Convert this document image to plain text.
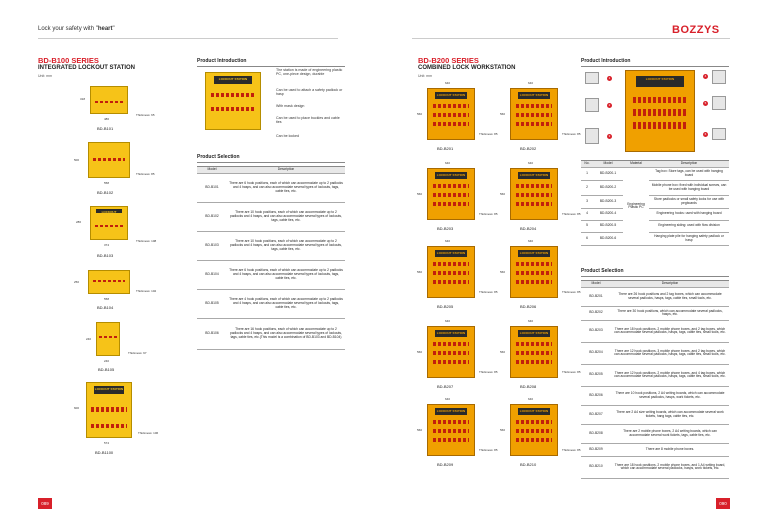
Lock your safety with "heart"	BOZZYS
089	090
BD-B100 SERIES
INTEGRATED LOCKOUT STATION
Unit: mm
318
486
Thickness: 65
BD-B101
500
558
Thickness: 85
BD-B102
LOCKOUT STATION
286
374
Thickness: 108
BD-B103
250
558
Thickness: 102
BD-B104
240
240
Thickness: 97
BD-B105
LOCKOUT STATION
600
574
Thickness: 106
BD-B1100
Product Introduction
LOCKOUT STATION
The station is made of engineering plastic PC, one-piece design, durable
Can be used to attach a safety padlock or hasp
With mask design
Can be used to place buckles and cable ties
Can be locked
Product Selection
Model	Description
BD-B101	There are 6 hook positions, each of which can accommodate up to 2 padlocks and 4 hasps, and can also accommodate several types of lockouts, tags, cable ties, etc.
BD-B102	There are 10 hook positions, each of which can accommodate up to 2 padlocks and 4 hasps, and can also accommodate several types of lockouts, tags, cable ties, etc.
BD-B103	There are 10 hook positions, each of which can accommodate up to 2 padlocks and 4 hasps, and can also accommodate several types of lockouts, tags, cable ties, etc.
BD-B104	There are 6 hook positions, each of which can accommodate up to 2 padlocks and 4 hasps, and can also accommodate several types of lockouts, tags, cable ties, etc.
BD-B105	There are 4 hook positions, each of which can accommodate up to 2 padlocks and 4 hasps, and can also accommodate several types of lockouts, tags, cable ties, etc.
BD-B106	There are 16 hook positions, each of which can accommodate up to 2 padlocks and 4 hasps, and can also accommodate several types of lockouts, tags, cable ties, etc.(This model is a combination of BD-B103 and BD-B104)
BD-B200 SERIES
COMBINED LOCK WORKSTATION
Unit: mm
LOCKOUT STATION
640
560
Thickness: 85
BD-B201
LOCKOUT STATION
640
560
Thickness: 85
BD-B202
LOCKOUT STATION
640
560
Thickness: 85
BD-B203
LOCKOUT STATION
640
560
Thickness: 85
BD-B204
LOCKOUT STATION
640
560
Thickness: 85
BD-B205
LOCKOUT STATION
640
560
Thickness: 85
BD-B206
LOCKOUT STATION
640
560
Thickness: 85
BD-B207
LOCKOUT STATION
640
560
Thickness: 85
BD-B208
LOCKOUT STATION
640
560
Thickness: 85
BD-B209
LOCKOUT STATION
640
560
Thickness: 85
BD-B210
Product Introduction
LOCKOUT STATION
1
2
3
4
5
6
No.	Model	Material	Description
1	BD-B200-1	Engineering Plastic PC	Tag box: Store tags, can be used with hanging board
2	BD-B200-2		Mobile phone box: fixed with individual screws, can be used with hanging board
3	BD-B200-3		Store padlocks or small safety locks for use with pegboards
4	BD-B200-4		Engineering hooks: used with hanging board
5	BD-B200-5		Engineering siding: used with flow division
6	BD-B200-6		Hanging plate pile for hanging safety padlock or hasp
Product Selection
Model	Description
BD-B201	There are 26 hook positions and 2 tag boxes, which can accommodate several padlocks, hasps, tags, cable ties, small tools, etc.
BD-B202	There are 30 hook positions, which can accommodate several padlocks, hasps, etc.
BD-B203	There are 18 hook positions, 2 mobile phone boxes, and 2 tag boxes, which can accommodate several padlocks, hasps, tags, cable ties, small tools, etc.
BD-B204	There are 12 hook positions, 3 mobile phone boxes, and 2 tag boxes, which can accommodate several padlocks, hasps, tags, cable ties, small tools, etc.
BD-B205	There are 12 hook positions, 2 mobile phone boxes, and 4 tag boxes, which can accommodate several padlocks, hasps, tags, cable ties, small tools, etc.
BD-B206	There are 10 hook positions, 2 A4 writing boards, which can accommodate several padlocks, hasps, work tickets, etc.
BD-B207	There are 2 A4 size writing boards, which can accommodate several work tickets, hang tags, cable ties, etc.
BD-B208	There are 2 mobile phone boxes, 2 A4 writing boards, which can accommodate several work tickets, tags, cable ties, etc.
BD-B209	There are 8 mobile phone boxes.
BD-B210	There are 18 hook positions, 2 mobile phone boxes, and 1 A4 writing board, which can accommodate several padlocks, hasps, work tickets, etc.
